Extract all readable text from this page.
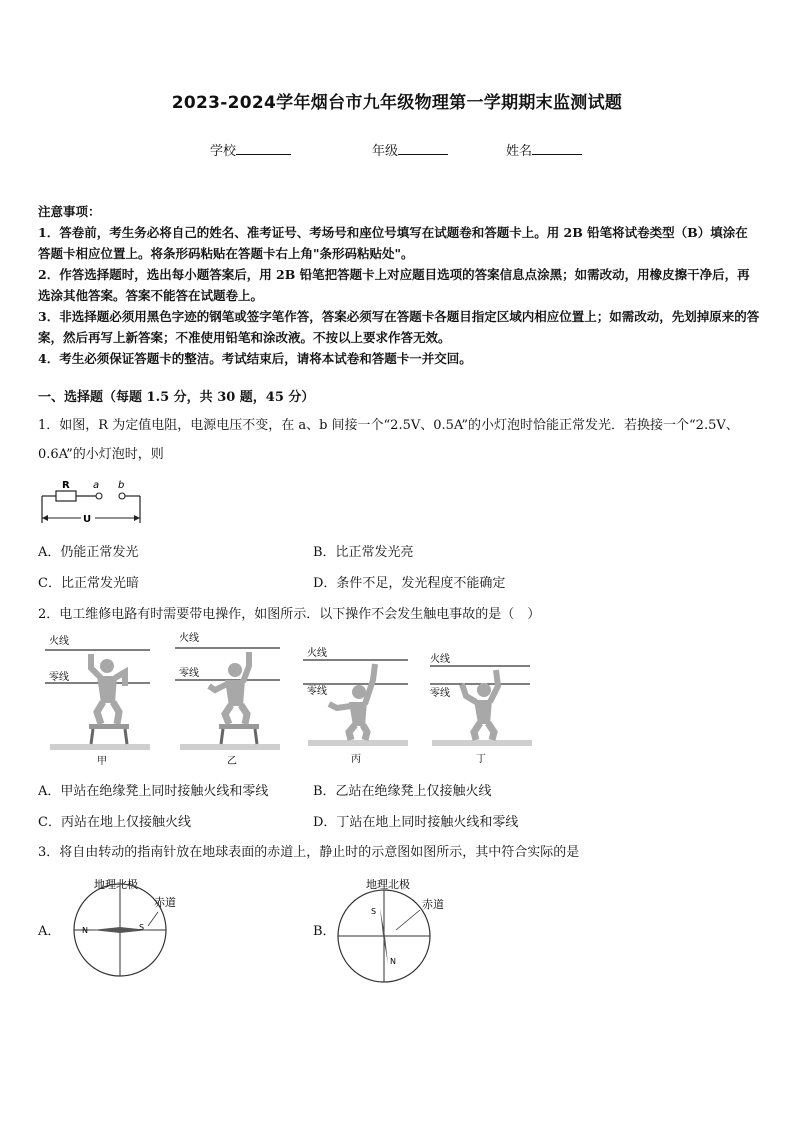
2023-2024学年烟台市九年级物理第一学期期末监测试题
学校	年级	姓名

注意事项：

1．答卷前，考生务必将自己的姓名、准考证号、考场号和座位号填写在试题卷和答题卡上。用 2B 铅笔将试卷类型（B）填涂在答题卡相应位置上。将条形码粘贴在答题卡右上角"条形码粘贴处"。

2．作答选择题时，选出每小题答案后，用 2B 铅笔把答题卡上对应题目选项的答案信息点涂黑；如需改动，用橡皮擦干净后，再选涂其他答案。答案不能答在试题卷上。

3．非选择题必须用黑色字迹的钢笔或签字笔作答，答案必须写在答题卡各题目指定区域内相应位置上；如需改动，先划掉原来的答案，然后再写上新答案；不准使用铅笔和涂改液。不按以上要求作答无效。

4．考生必须保证答题卡的整洁。考试结束后，请将本试卷和答题卡一并交回。

一、选择题（每题 1.5 分，共 30 题，45 分）
1．如图，R 为定值电阻，电源电压不变，在 a、b 间接一个“2.5V、0.5A”的小灯泡时恰能正常发光．若换接一个“2.5V、0.6A”的小灯泡时，则
R a b
U
A．仍能正常发光	B．比正常发光亮
C．比正常发光暗	D．条件不足，发光程度不能确定
2．电工维修电路有时需要带电操作，如图所示．以下操作不会发生触电事故的是（　）
火线
零线
甲
火线
零线
乙
火线
零线
丙
火线
零线
丁
A．甲站在绝缘凳上同时接触火线和零线	B．乙站在绝缘凳上仅接触火线
C．丙站在地上仅接触火线	D．丁站在地上同时接触火线和零线
3．将自由转动的指南针放在地球表面的赤道上，静止时的示意图如图所示，其中符合实际的是
A．
地理北极
N	S
赤道
B．
地理北极
S
N
赤道
